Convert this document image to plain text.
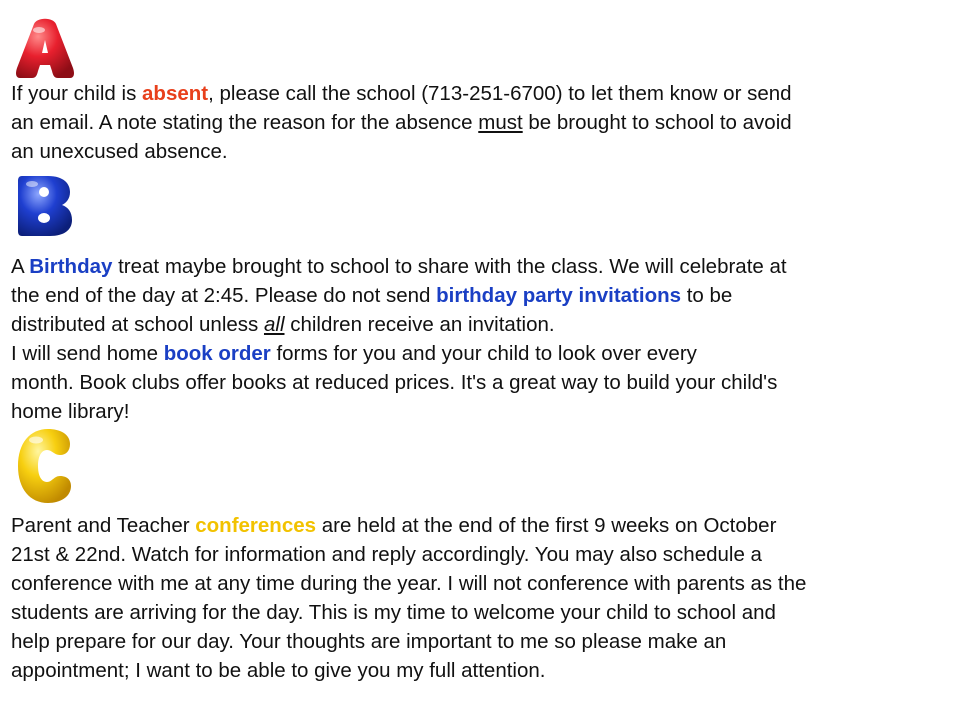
If your child is absent, please call the school (713-251-6700) to let them know or send
an email. A note stating the reason for the absence must be brought to school to avoid
an unexcused absence.

A Birthday treat maybe brought to school to share with the class. We will celebrate at
the end of the day at 2:45. Please do not send birthday party invitations to be
distributed at school unless all children receive an invitation.
I will send home book order forms for you and your child to look over every
month. Book clubs offer books at reduced prices. It's a great way to build your child's
home library!

Parent and Teacher conferences are held at the end of the first 9 weeks on October
21st & 22nd. Watch for information and reply accordingly. You may also schedule a
conference with me at any time during the year. I will not conference with parents as the
students are arriving for the day. This is my time to welcome your child to school and
help prepare for our day. Your thoughts are important to me so please make an
appointment; I want to be able to give you my full attention.
